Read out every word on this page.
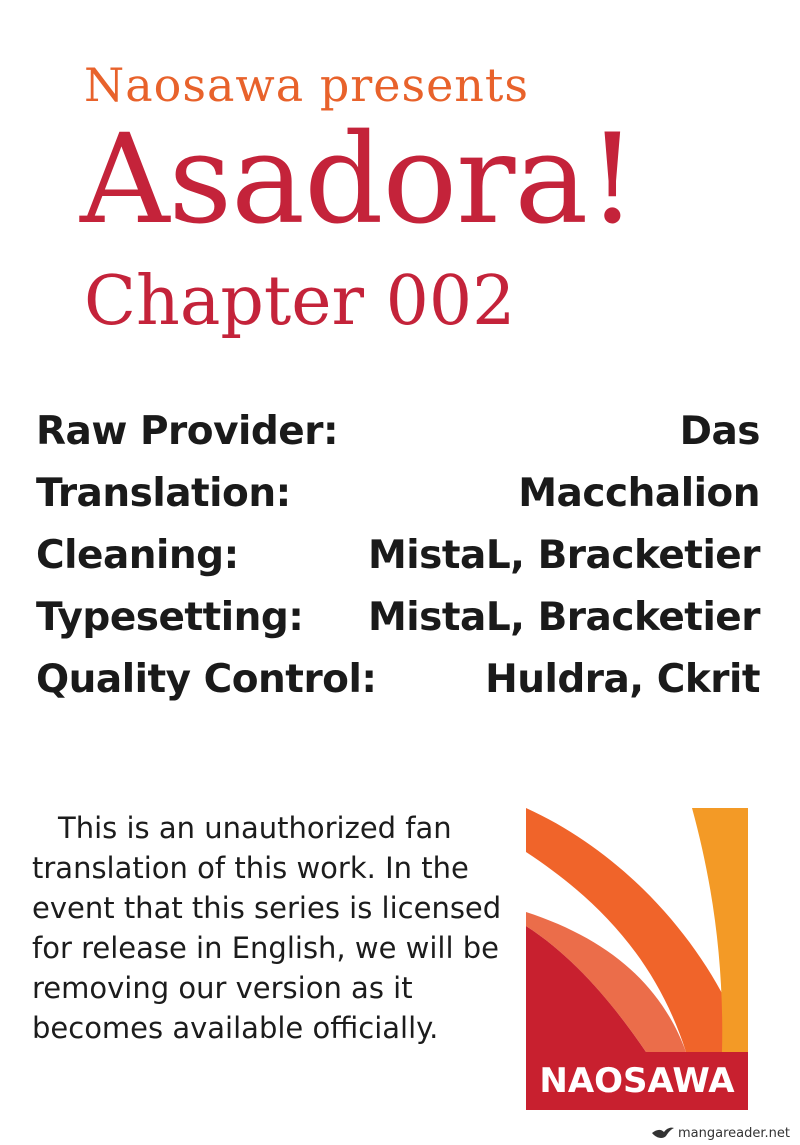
Naosawa presents
Asadora!
Chapter 002
Raw Provider:	Das
Translation:	Macchalion
Cleaning:	MistaL, Bracketier
Typesetting: MistaL, Bracketier
Quality Control:	Huldra, Ckrit

This is an unauthorized fan translation of this work. In the event that this series is licensed for release in English, we will be removing our version as it becomes available officially.

NAOSAWA
mangareader.net
